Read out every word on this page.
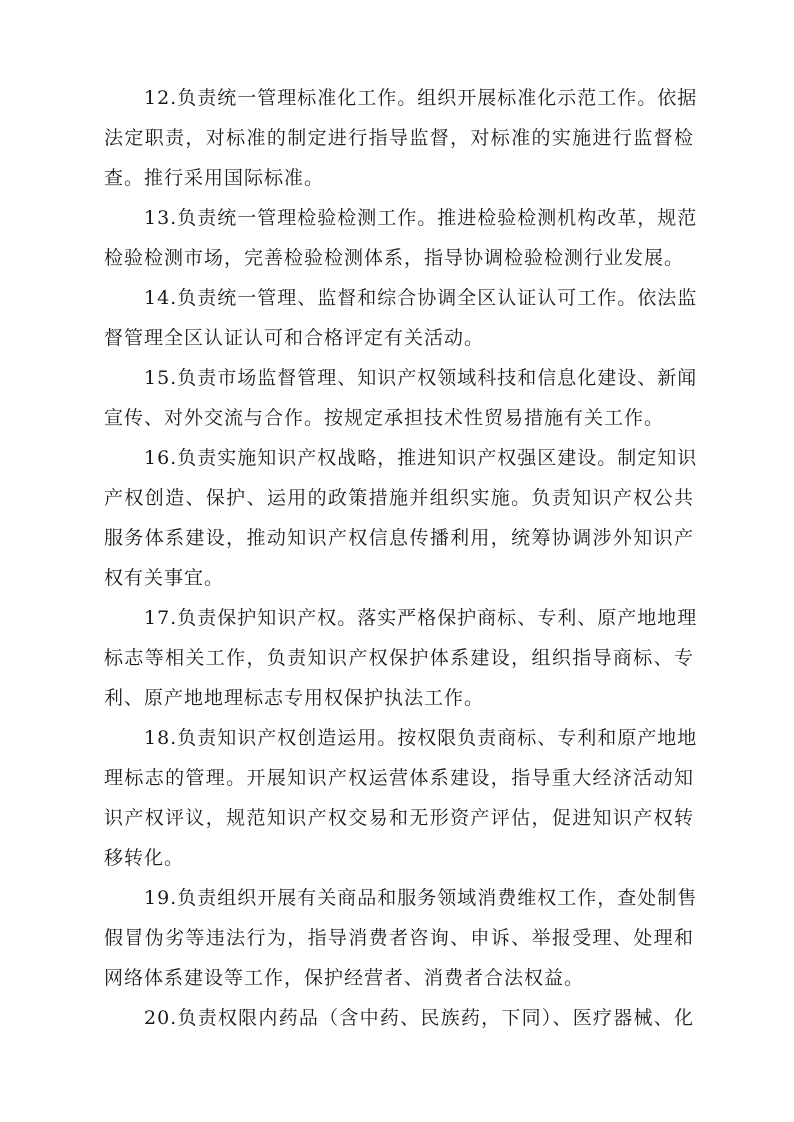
12.负责统一管理标准化工作。组织开展标准化示范工作。依据
法定职责，对标准的制定进行指导监督，对标准的实施进行监督检
查。推行采用国际标准。

13.负责统一管理检验检测工作。推进检验检测机构改革，规范
检验检测市场，完善检验检测体系，指导协调检验检测行业发展。

14.负责统一管理、监督和综合协调全区认证认可工作。依法监
督管理全区认证认可和合格评定有关活动。

15.负责市场监督管理、知识产权领域科技和信息化建设、新闻
宣传、对外交流与合作。按规定承担技术性贸易措施有关工作。

16.负责实施知识产权战略，推进知识产权强区建设。制定知识
产权创造、保护、运用的政策措施并组织实施。负责知识产权公共
服务体系建设，推动知识产权信息传播利用，统筹协调涉外知识产
权有关事宜。

17.负责保护知识产权。落实严格保护商标、专利、原产地地理
标志等相关工作，负责知识产权保护体系建设，组织指导商标、专
利、原产地地理标志专用权保护执法工作。

18.负责知识产权创造运用。按权限负责商标、专利和原产地地
理标志的管理。开展知识产权运营体系建设，指导重大经济活动知
识产权评议，规范知识产权交易和无形资产评估，促进知识产权转
移转化。

19.负责组织开展有关商品和服务领域消费维权工作，查处制售
假冒伪劣等违法行为，指导消费者咨询、申诉、举报受理、处理和
网络体系建设等工作，保护经营者、消费者合法权益。

20.负责权限内药品（含中药、民族药，下同）、医疗器械、化
